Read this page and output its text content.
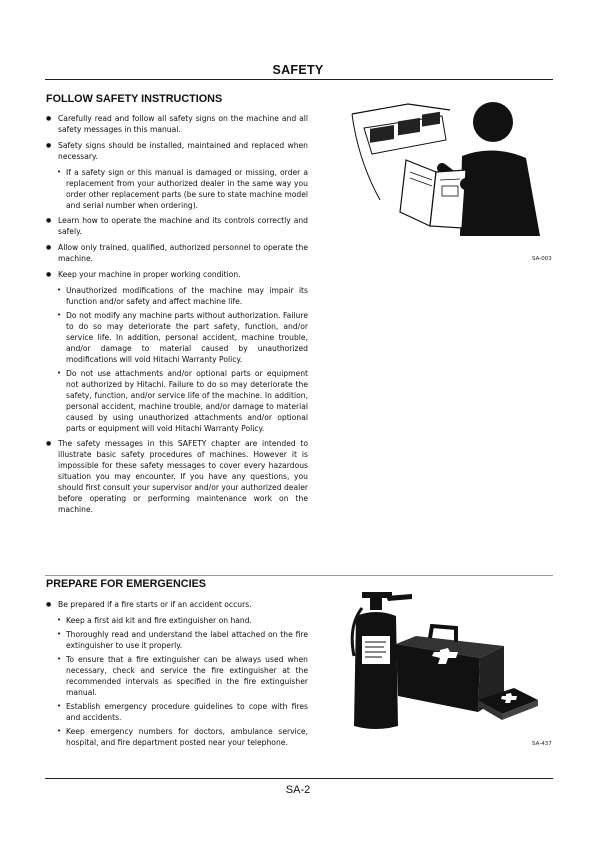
SAFETY
FOLLOW SAFETY INSTRUCTIONS
● Carefully read and follow all safety signs on the machine and all safety messages in this manual.
● Safety signs should be installed, maintained and replaced when necessary.
• If a safety sign or this manual is damaged or missing, order a replacement from your authorized dealer in the same way you order other replacement parts (be sure to state machine model and serial number when ordering).
● Learn how to operate the machine and its controls correctly and safely.
● Allow only trained, qualified, authorized personnel to operate the machine.
● Keep your machine in proper working condition.
• Unauthorized modifications of the machine may impair its function and/or safety and affect machine life.
• Do not modify any machine parts without authorization. Failure to do so may deteriorate the part safety, function, and/or service life. In addition, personal accident, machine trouble, and/or damage to material caused by unauthorized modifications will void Hitachi Warranty Policy.
• Do not use attachments and/or optional parts or equipment not authorized by Hitachi. Failure to do so may deteriorate the safety, function, and/or service life of the machine. In addition, personal accident, machine trouble, and/or damage to material caused by using unauthorized attachments and/or optional parts or equipment will void Hitachi Warranty Policy.
● The safety messages in this SAFETY chapter are intended to illustrate basic safety procedures of machines. However it is impossible for these safety messages to cover every hazardous situation you may encounter. If you have any questions, you should first consult your supervisor and/or your authorized dealer before operating or performing maintenance work on the machine.
SA-003
PREPARE FOR EMERGENCIES
● Be prepared if a fire starts or if an accident occurs.
• Keep a first aid kit and fire extinguisher on hand.
• Thoroughly read and understand the label attached on the fire extinguisher to use it properly.
• To ensure that a fire extinguisher can be always used when necessary, check and service the fire extinguisher at the recommended intervals as specified in the fire extinguisher manual.
• Establish emergency procedure guidelines to cope with fires and accidents.
• Keep emergency numbers for doctors, ambulance service, hospital, and fire department posted near your telephone.	SA-437
SA-2
